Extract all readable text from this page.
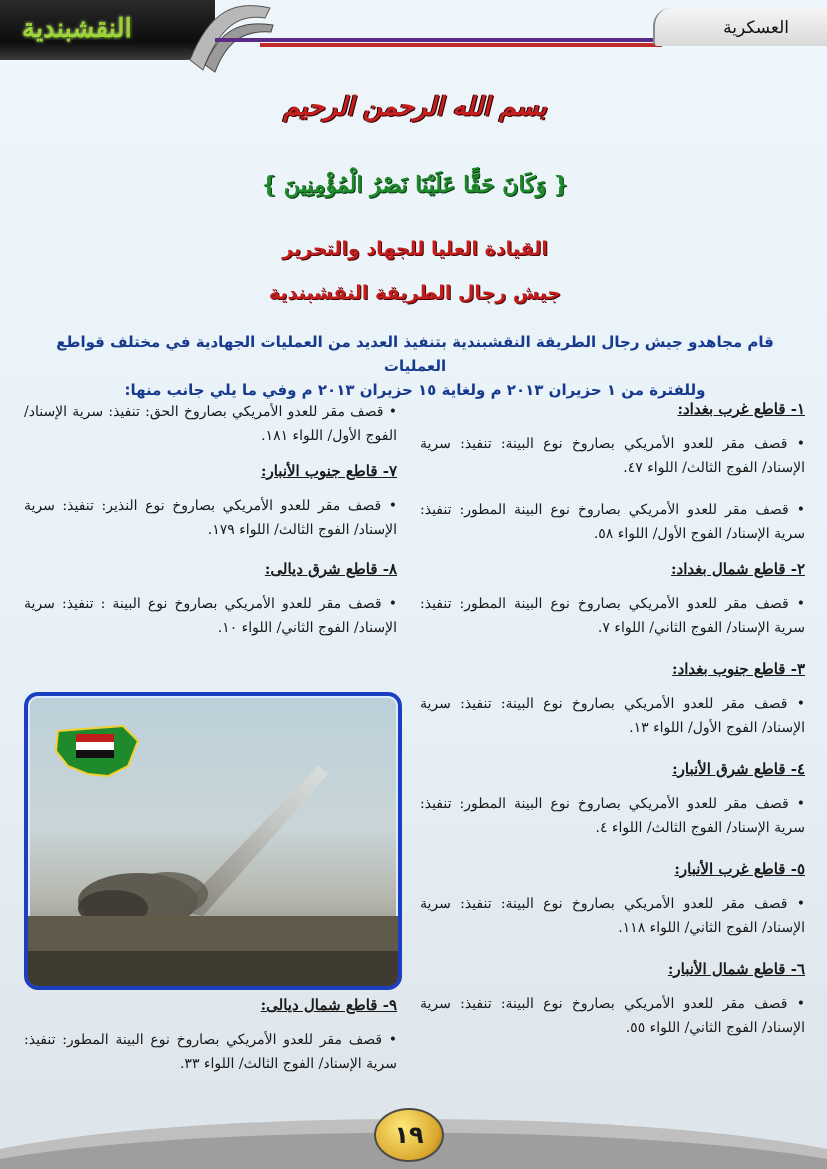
النقشبندية	العسكرية
بسم الله الرحمن الرحيم
{ وَكَانَ حَقًّا عَلَيْنَا نَصْرُ الْمُؤْمِنِينَ }
القيادة العليا للجهاد والتحرير
جيش رجال الطريقة النقشبندية
قام مجاهدو جيش رجال الطريقة النقشبندية بتنفيذ العديد من العمليات الجهادية في مختلف قواطع العمليات
وللفترة من ١ حزيران ٢٠١٣ م ولغاية ١٥ حزيران ٢٠١٣ م وفي ما يلي جانب منها:

١- قاطع غرب بغداد:

• قصف مقر للعدو الأمريكي بصاروخ نوع البينة: تنفيذ: سرية الإسناد/ الفوج الثالث/ اللواء ٤٧.

• قصف مقر للعدو الأمريكي بصاروخ نوع البينة المطور: تنفيذ: سرية الإسناد/ الفوج الأول/ اللواء ٥٨.

٢- قاطع شمال بغداد:

• قصف مقر للعدو الأمريكي بصاروخ نوع البينة المطور: تنفيذ: سرية الإسناد/ الفوج الثاني/ اللواء ٧.

٣- قاطع جنوب بغداد:

• قصف مقر للعدو الأمريكي بصاروخ نوع البينة: تنفيذ: سرية الإسناد/ الفوج الأول/ اللواء ١٣.

٤- قاطع شرق الأنبار:

• قصف مقر للعدو الأمريكي بصاروخ نوع البينة المطور: تنفيذ: سرية الإسناد/ الفوج الثالث/ اللواء ٤.

٥- قاطع غرب الأنبار:

• قصف مقر للعدو الأمريكي بصاروخ نوع البينة: تنفيذ: سرية الإسناد/ الفوج الثاني/ اللواء ١١٨.

٦- قاطع شمال الأنبار:

• قصف مقر للعدو الأمريكي بصاروخ نوع البينة: تنفيذ: سرية الإسناد/ الفوج الثاني/ اللواء ٥٥.

• قصف مقر للعدو الأمريكي بصاروخ الحق: تنفيذ: سرية الإسناد/ الفوج الأول/ اللواء ١٨١.

٧- قاطع جنوب الأنبار:

• قصف مقر للعدو الأمريكي بصاروخ نوع النذير: تنفيذ: سرية الإسناد/ الفوج الثالث/ اللواء ١٧٩.

٨- قاطع شرق ديالى:

• قصف مقر للعدو الأمريكي بصاروخ نوع البينة : تنفيذ: سرية الإسناد/ الفوج الثاني/ اللواء ١٠.

٩- قاطع شمال ديالى:

• قصف مقر للعدو الأمريكي بصاروخ نوع البينة المطور: تنفيذ: سرية الإسناد/ الفوج الثالث/ اللواء ٣٣.

١٩
